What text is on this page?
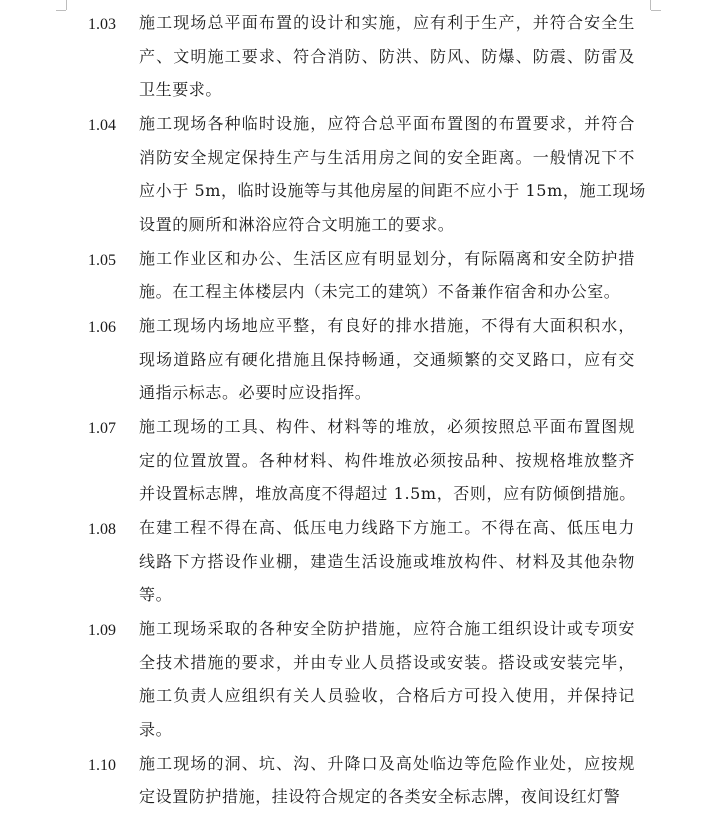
1.03 施工现场总平面布置的设计和实施，应有利于生产，并符合安全生
产、文明施工要求、符合消防、防洪、防风、防爆、防震、防雷及
卫生要求。
1.04 施工现场各种临时设施，应符合总平面布置图的布置要求，并符合
消防安全规定保持生产与生活用房之间的安全距离。一般情况下不
应小于 5m，临时设施等与其他房屋的间距不应小于 15m，施工现场
设置的厕所和淋浴应符合文明施工的要求。
1.05 施工作业区和办公、生活区应有明显划分，有际隔离和安全防护措
施。在工程主体楼层内（未完工的建筑）不备兼作宿舍和办公室。
1.06 施工现场内场地应平整，有良好的排水措施，不得有大面积积水，
现场道路应有硬化措施且保持畅通，交通频繁的交叉路口，应有交
通指示标志。必要时应设指挥。
1.07 施工现场的工具、构件、材料等的堆放，必须按照总平面布置图规
定的位置放置。各种材料、构件堆放必须按品种、按规格堆放整齐
并设置标志牌，堆放高度不得超过 1.5m，否则，应有防倾倒措施。
1.08 在建工程不得在高、低压电力线路下方施工。不得在高、低压电力
线路下方搭设作业棚，建造生活设施或堆放构件、材料及其他杂物
等。
1.09 施工现场采取的各种安全防护措施，应符合施工组织设计或专项安
全技术措施的要求，并由专业人员搭设或安装。搭设或安装完毕，
施工负责人应组织有关人员验收，合格后方可投入使用，并保持记
录。
1.10 施工现场的洞、坑、沟、升降口及高处临边等危险作业处，应按规
定设置防护措施，挂设符合规定的各类安全标志牌，夜间设红灯警
